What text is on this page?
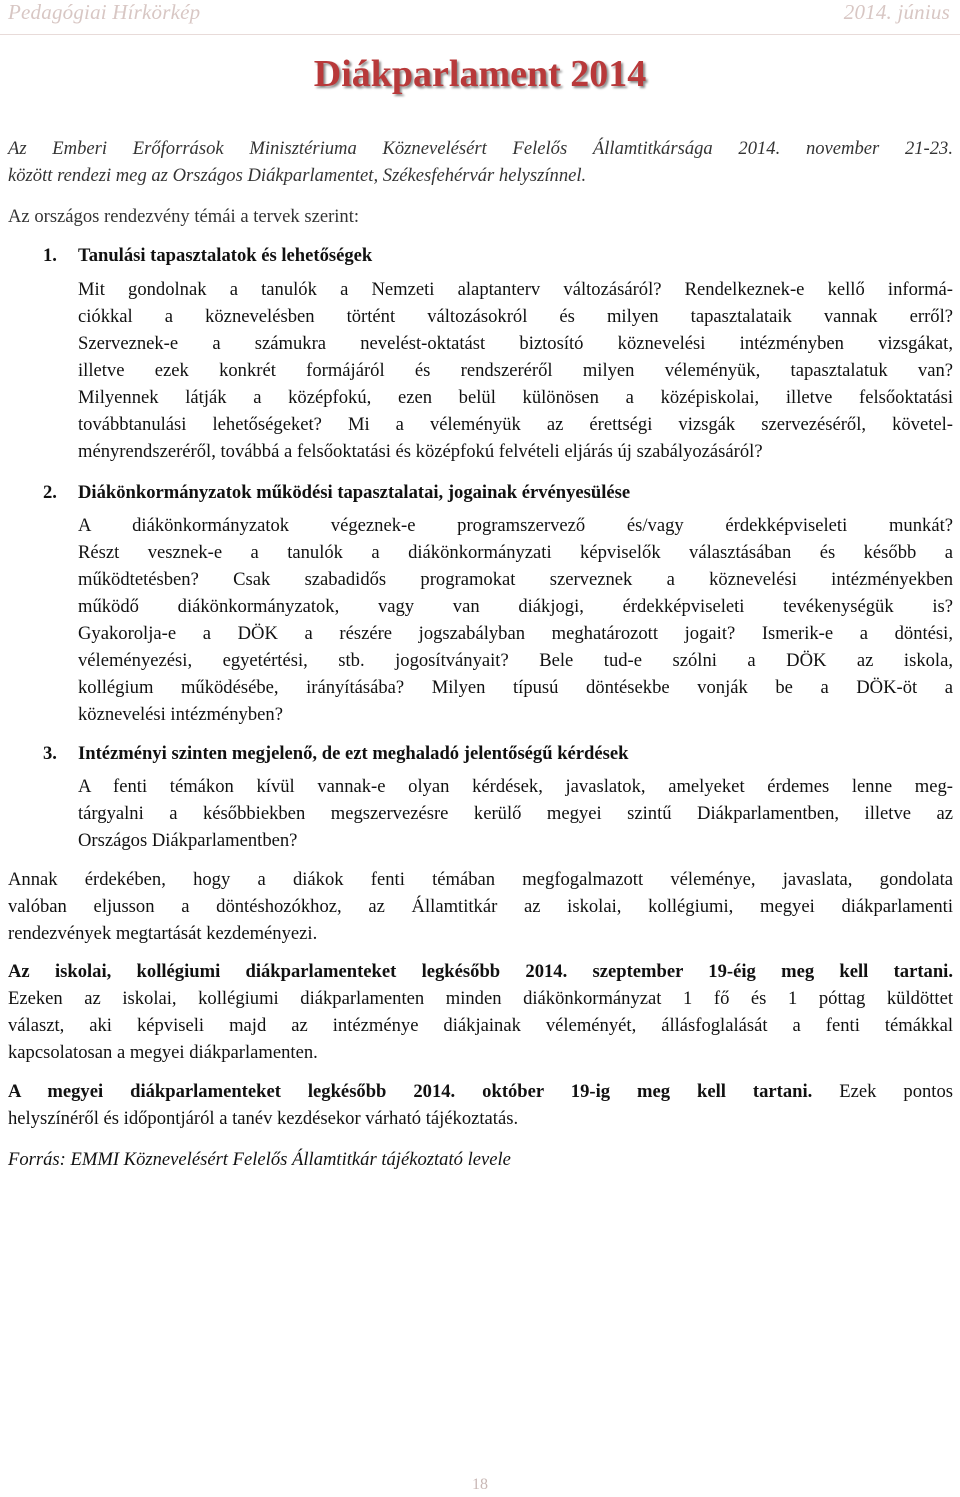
Pedagógiai Hírkörkép	2014. június
Diákparlament 2014
Az Emberi Erőforrások Minisztériuma Köznevelésért Felelős Államtitkársága 2014. november 21-23.
között rendezi meg az Országos Diákparlamentet, Székesfehérvár helyszínnel.
Az országos rendezvény témái a tervek szerint:
1. Tanulási tapasztalatok és lehetőségek
Mit gondolnak a tanulók a Nemzeti alaptanterv változásáról? Rendelkeznek-e kellő informá-
ciókkal a köznevelésben történt változásokról és milyen tapasztalataik vannak erről?
Szerveznek-e a számukra nevelést-oktatást biztosító köznevelési intézményben vizsgákat,
illetve ezek konkrét formájáról és rendszeréről milyen véleményük, tapasztalatuk van?
Milyennek látják a középfokú, ezen belül különösen a középiskolai, illetve felsőoktatási
továbbtanulási lehetőségeket? Mi a véleményük az érettségi vizsgák szervezéséről, követel-
ményrendszeréről, továbbá a felsőoktatási és középfokú felvételi eljárás új szabályozásáról?
2. Diákönkormányzatok működési tapasztalatai, jogainak érvényesülése
A diákönkormányzatok végeznek-e programszervező és/vagy érdekképviseleti munkát?
Részt vesznek-e a tanulók a diákönkormányzati képviselők választásában és később a
működtetésben? Csak szabadidős programokat szerveznek a köznevelési intézményekben
működő diákönkormányzatok, vagy van diákjogi, érdekképviseleti tevékenységük is?
Gyakorolja-e a DÖK a részére jogszabályban meghatározott jogait? Ismerik-e a döntési,
véleményezési, egyetértési, stb. jogosítványait? Bele tud-e szólni a DÖK az iskola,
kollégium működésébe, irányításába? Milyen típusú döntésekbe vonják be a DÖK-öt a
köznevelési intézményben?
3. Intézményi szinten megjelenő, de ezt meghaladó jelentőségű kérdések
A fenti témákon kívül vannak-e olyan kérdések, javaslatok, amelyeket érdemes lenne meg-
tárgyalni a későbbiekben megszervezésre kerülő megyei szintű Diákparlamentben, illetve az
Országos Diákparlamentben?
Annak érdekében, hogy a diákok fenti témában megfogalmazott véleménye, javaslata, gondolata
valóban eljusson a döntéshozókhoz, az Államtitkár az iskolai, kollégiumi, megyei diákparlamenti
rendezvények megtartását kezdeményezi.
Az iskolai, kollégiumi diákparlamenteket legkésőbb 2014. szeptember 19-éig meg kell tartani.
Ezeken az iskolai, kollégiumi diákparlamenten minden diákönkormányzat 1 fő és 1 póttag küldöttet
választ, aki képviseli majd az intézménye diákjainak véleményét, állásfoglalását a fenti témákkal
kapcsolatosan a megyei diákparlamenten.
A megyei diákparlamenteket legkésőbb 2014. október 19-ig meg kell tartani. Ezek pontos
helyszínéről és időpontjáról a tanév kezdésekor várható tájékoztatás.
Forrás: EMMI Köznevelésért Felelős Államtitkár tájékoztató levele
18
